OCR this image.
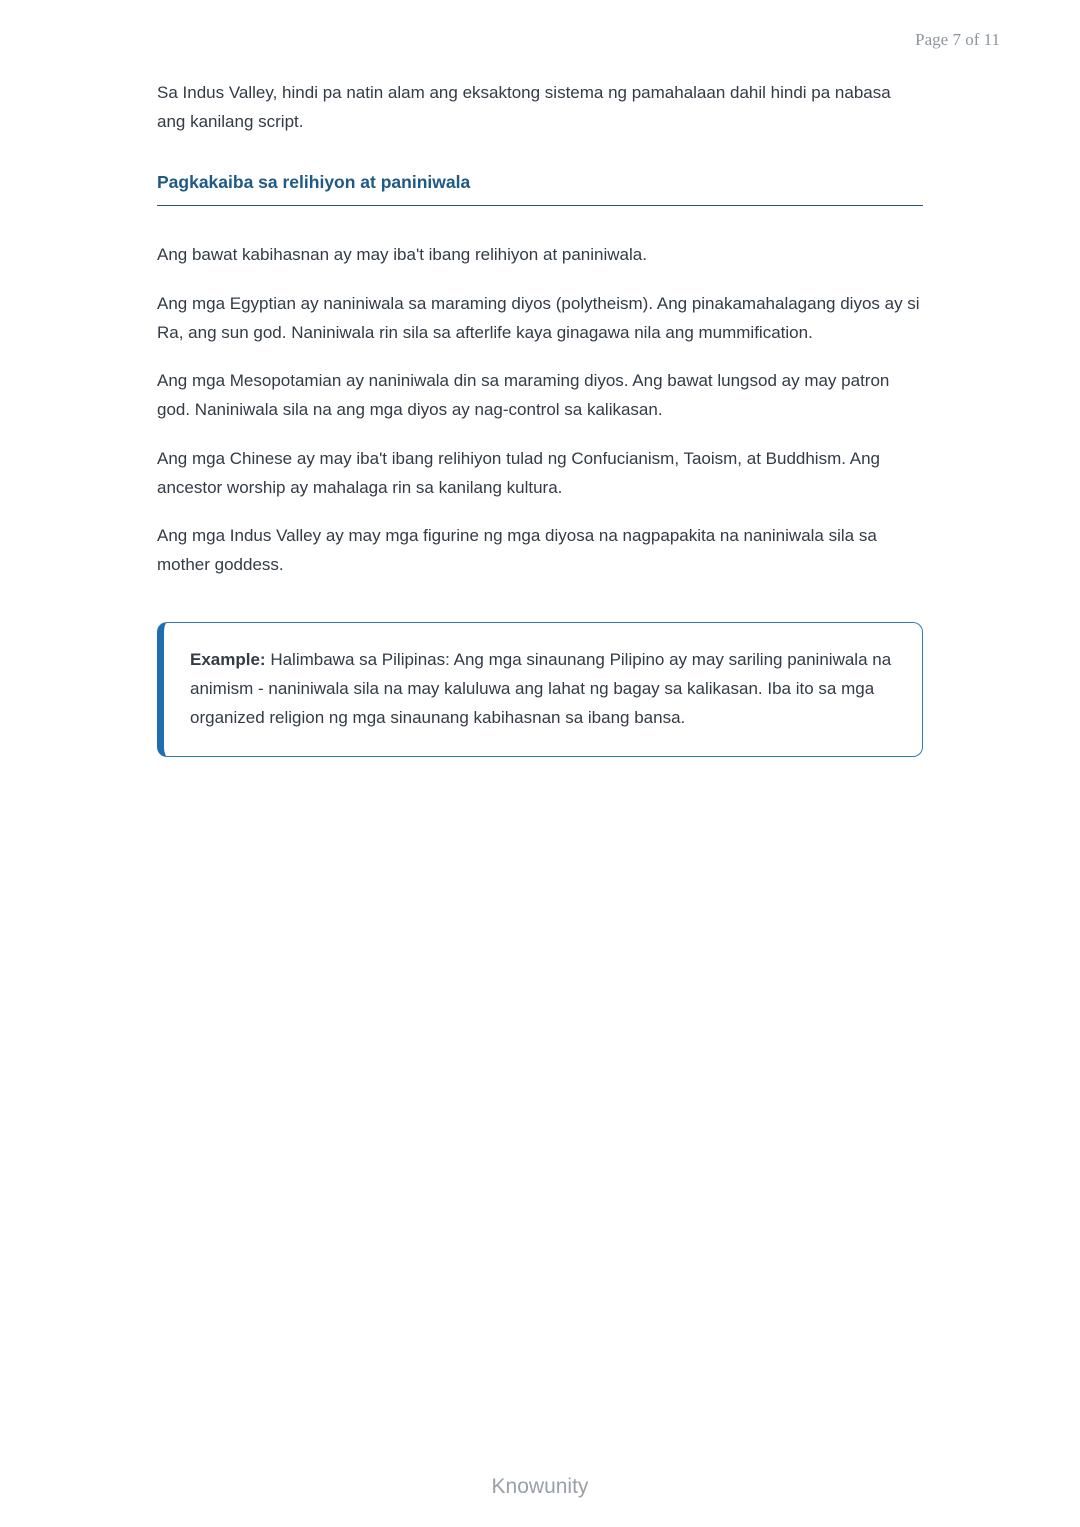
Page 7 of 11

Sa Indus Valley, hindi pa natin alam ang eksaktong sistema ng pamahalaan dahil hindi pa nabasa ang kanilang script.

Pagkakaiba sa relihiyon at paniniwala

Ang bawat kabihasnan ay may iba't ibang relihiyon at paniniwala.

Ang mga Egyptian ay naniniwala sa maraming diyos (polytheism). Ang pinakamahalagang diyos ay si Ra, ang sun god. Naniniwala rin sila sa afterlife kaya ginagawa nila ang mummification.

Ang mga Mesopotamian ay naniniwala din sa maraming diyos. Ang bawat lungsod ay may patron god. Naniniwala sila na ang mga diyos ay nag-control sa kalikasan.

Ang mga Chinese ay may iba't ibang relihiyon tulad ng Confucianism, Taoism, at Buddhism. Ang ancestor worship ay mahalaga rin sa kanilang kultura.

Ang mga Indus Valley ay may mga figurine ng mga diyosa na nagpapakita na naniniwala sila sa mother goddess.

Example: Halimbawa sa Pilipinas: Ang mga sinaunang Pilipino ay may sariling paniniwala na animism - naniniwala sila na may kaluluwa ang lahat ng bagay sa kalikasan. Iba ito sa mga organized religion ng mga sinaunang kabihasnan sa ibang bansa.
Knowunity
